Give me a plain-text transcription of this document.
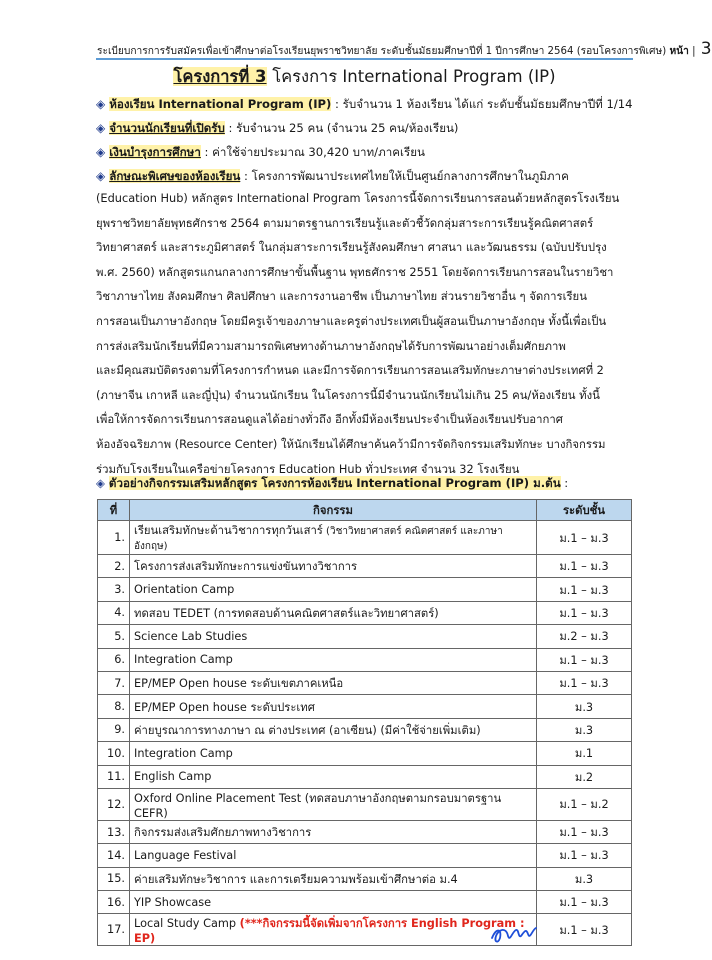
ระเบียบการการรับสมัครเพื่อเข้าศึกษาต่อโรงเรียนยุพราชวิทยาลัย ระดับชั้นมัธยมศึกษาปีที่ 1 ปีการศึกษา 2564 (รอบโครงการพิเศษ) หน้า | 3
โครงการที่ 3 โครงการ International Program (IP)
◈ ห้องเรียน International Program (IP) : รับจำนวน 1 ห้องเรียน ได้แก่ ระดับชั้นมัธยมศึกษาปีที่ 1/14
◈ จำนวนนักเรียนที่เปิดรับ : รับจำนวน 25 คน (จำนวน 25 คน/ห้องเรียน)
◈ เงินบำรุงการศึกษา : ค่าใช้จ่ายประมาณ 30,420 บาท/ภาคเรียน
◈ ลักษณะพิเศษของห้องเรียน : โครงการพัฒนาประเทศไทยให้เป็นศูนย์กลางการศึกษาในภูมิภาค

(Education Hub) หลักสูตร International Program โครงการนี้จัดการเรียนการสอนด้วยหลักสูตรโรงเรียน

ยุพราชวิทยาลัยพุทธศักราช 2564 ตามมาตรฐานการเรียนรู้และตัวชี้วัดกลุ่มสาระการเรียนรู้คณิตศาสตร์

วิทยาศาสตร์ และสาระภูมิศาสตร์ ในกลุ่มสาระการเรียนรู้สังคมศึกษา ศาสนา และวัฒนธรรม (ฉบับปรับปรุง

พ.ศ. 2560) หลักสูตรแกนกลางการศึกษาขั้นพื้นฐาน พุทธศักราช 2551 โดยจัดการเรียนการสอนในรายวิชา

วิชาภาษาไทย สังคมศึกษา ศิลปศึกษา และการงานอาชีพ เป็นภาษาไทย ส่วนรายวิชาอื่น ๆ จัดการเรียน

การสอนเป็นภาษาอังกฤษ โดยมีครูเจ้าของภาษาและครูต่างประเทศเป็นผู้สอนเป็นภาษาอังกฤษ ทั้งนี้เพื่อเป็น

การส่งเสริมนักเรียนที่มีความสามารถพิเศษทางด้านภาษาอังกฤษได้รับการพัฒนาอย่างเต็มศักยภาพ

และมีคุณสมบัติตรงตามที่โครงการกำหนด และมีการจัดการเรียนการสอนเสริมทักษะภาษาต่างประเทศที่ 2

(ภาษาจีน เกาหลี และญี่ปุ่น) จำนวนนักเรียน ในโครงการนี้มีจำนวนนักเรียนไม่เกิน 25 คน/ห้องเรียน ทั้งนี้

เพื่อให้การจัดการเรียนการสอนดูแลได้อย่างทั่วถึง อีกทั้งมีห้องเรียนประจำเป็นห้องเรียนปรับอากาศ

ห้องอัจฉริยภาพ (Resource Center) ให้นักเรียนได้ศึกษาค้นคว้ามีการจัดกิจกรรมเสริมทักษะ บางกิจกรรม

ร่วมกับโรงเรียนในเครือข่ายโครงการ Education Hub ทั่วประเทศ จำนวน 32 โรงเรียน

◈ ตัวอย่างกิจกรรมเสริมหลักสูตร โครงการห้องเรียน International Program (IP) ม.ต้น :
ที่	กิจกรรม	ระดับชั้น
1.	เรียนเสริมทักษะด้านวิชาการทุกวันเสาร์ (วิชาวิทยาศาสตร์ คณิตศาสตร์ และภาษาอังกฤษ)	ม.1 – ม.3
2.	โครงการส่งเสริมทักษะการแข่งขันทางวิชาการ	ม.1 – ม.3
3.	Orientation Camp	ม.1 – ม.3
4.	ทดสอบ TEDET (การทดสอบด้านคณิตศาสตร์และวิทยาศาสตร์)	ม.1 – ม.3
5.	Science Lab Studies	ม.2 – ม.3
6.	Integration Camp	ม.1 – ม.3
7.	EP/MEP Open house ระดับเขตภาคเหนือ	ม.1 – ม.3
8.	EP/MEP Open house ระดับประเทศ	ม.3
9.	ค่ายบูรณาการทางภาษา ณ ต่างประเทศ (อาเซียน) (มีค่าใช้จ่ายเพิ่มเติม)	ม.3
10.	Integration Camp	ม.1
11.	English Camp	ม.2
12.	Oxford Online Placement Test (ทดสอบภาษาอังกฤษตามกรอบมาตรฐาน CEFR)	ม.1 – ม.2
13.	กิจกรรมส่งเสริมศักยภาพทางวิชาการ	ม.1 – ม.3
14.	Language Festival	ม.1 – ม.3
15.	ค่ายเสริมทักษะวิชาการ และการเตรียมความพร้อมเข้าศึกษาต่อ ม.4	ม.3
16.	YIP Showcase	ม.1 – ม.3
17.	Local Study Camp (***กิจกรรมนี้จัดเพิ่มจากโครงการ English Program : EP)	ม.1 – ม.3
